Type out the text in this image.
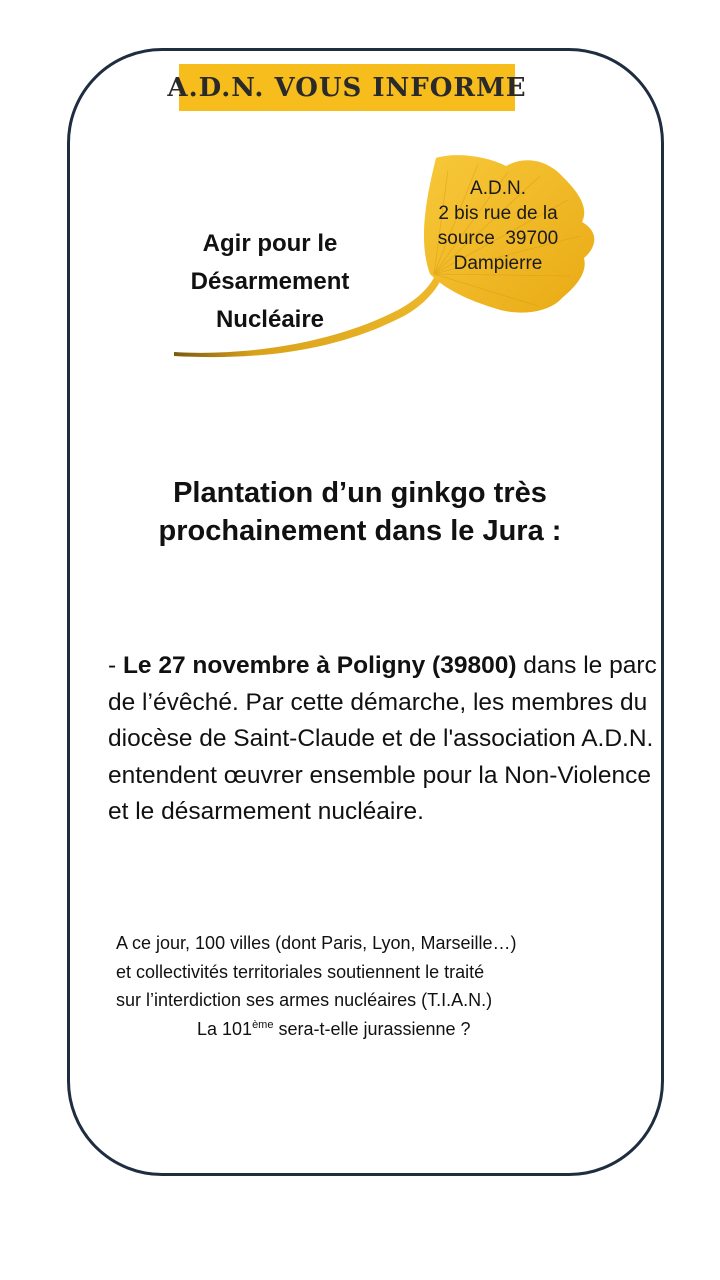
A.D.N. VOUS INFORME
Agir pour le
Désarmement
Nucléaire
A.D.N.
2 bis rue de la
source  39700
Dampierre
Plantation d’un ginkgo très
prochainement dans le Jura :
- Le 27 novembre à Poligny (39800) dans le parc de l’évêché. Par cette démarche, les membres du diocèse de Saint-Claude et de l'association A.D.N. entendent œuvrer ensemble pour la Non-Violence et le désarmement nucléaire.
A ce jour, 100 villes (dont Paris, Lyon, Marseille…)
et collectivités territoriales soutiennent le traité
sur l’interdiction ses armes nucléaires (T.I.A.N.)
La 101ème sera-t-elle jurassienne ?
